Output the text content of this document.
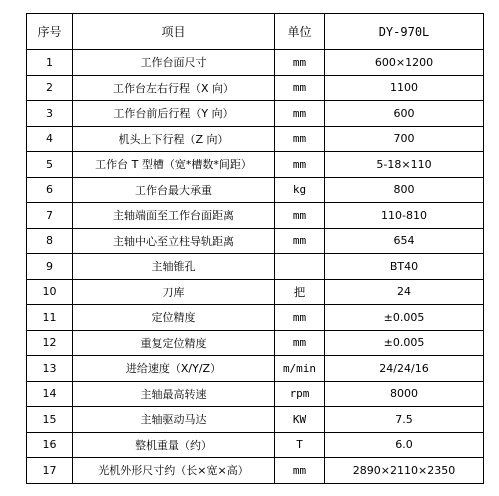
序号	项目	单位	DY-970L
1	工作台面尺寸	mm	600×1200
2	工作台左右行程（X 向）	mm	1100
3	工作台前后行程（Y 向）	mm	600
4	机头上下行程（Z 向）	mm	700
5	工作台 T 型槽（宽*槽数*间距）	mm	5-18×110
6	工作台最大承重	kg	800
7	主轴端面至工作台面距离	mm	110-810
8	主轴中心至立柱导轨距离	mm	654
9	主轴锥孔		BT40
10	刀库	把	24
11	定位精度	mm	±0.005
12	重复定位精度	mm	±0.005
13	进给速度（X/Y/Z）	m/min	24/24/16
14	主轴最高转速	rpm	8000
15	主轴驱动马达	KW	7.5
16	整机重量（约）	T	6.0
17	光机外形尺寸约（长×宽×高）	mm	2890×2110×2350
